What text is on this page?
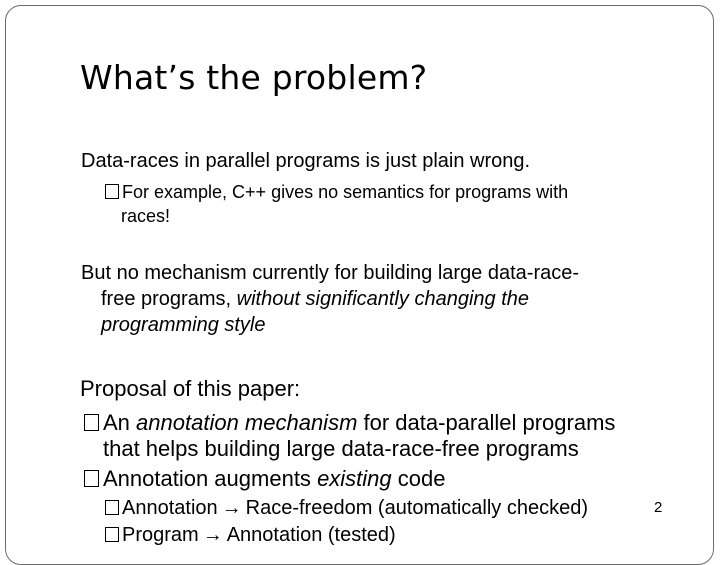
What’s the problem?
Data-races in parallel programs is just plain wrong.
For example, C++ gives no semantics for programs with
races!
But no mechanism currently for building large data-race-
free programs, without significantly changing the
programming style
Proposal of this paper:
An annotation mechanism for data-parallel programs
that helps building large data-race-free programs
Annotation augments existing code
Annotation → Race-freedom (automatically checked)	2
Program → Annotation (tested)
